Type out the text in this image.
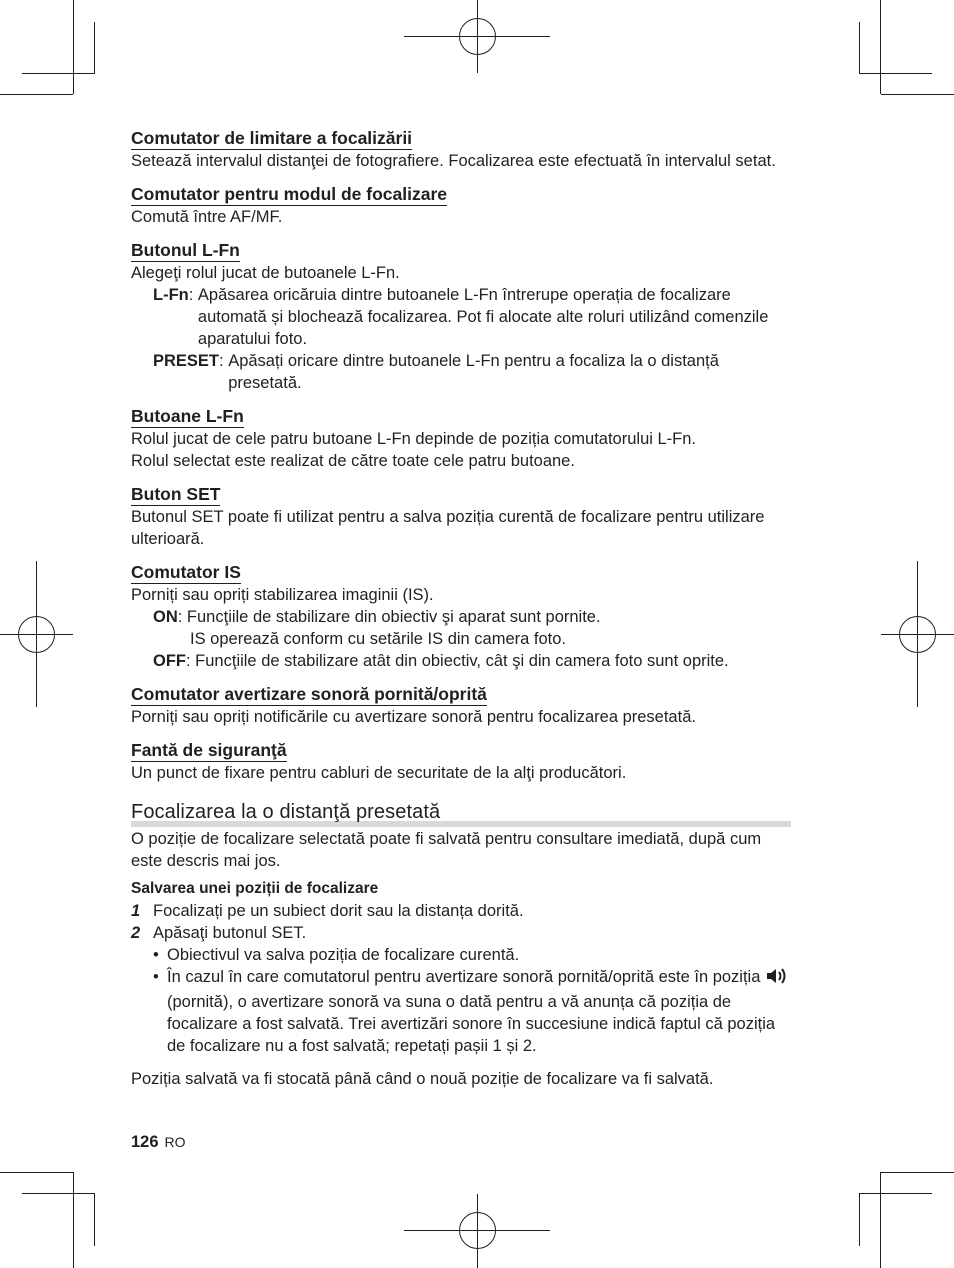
Comutator de limitare a focalizării

Setează intervalul distanţei de fotografiere. Focalizarea este efectuată în intervalul setat.

Comutator pentru modul de focalizare

Comută între AF/MF.

Butonul L-Fn

Alegeţi rolul jucat de butoanele L-Fn.

L-Fn : Apăsarea oricăruia dintre butoanele L-Fn întrerupe operația de focalizare automată și blochează focalizarea. Pot fi alocate alte roluri utilizând comenzile aparatului foto.
PRESET : Apăsați oricare dintre butoanele L-Fn pentru a focaliza la o distanță presetată.
Butoane L-Fn

Rolul jucat de cele patru butoane L-Fn depinde de poziția comutatorului L-Fn.

Rolul selectat este realizat de către toate cele patru butoane.

Buton SET

Butonul SET poate fi utilizat pentru a salva poziția curentă de focalizare pentru utilizare ulterioară.

Comutator IS

Porniți sau opriți stabilizarea imaginii (IS).

ON : Funcţiile de stabilizare din obiectiv şi aparat sunt pornite.
IS operează conform cu setările IS din camera foto.
OFF : Funcţiile de stabilizare atât din obiectiv, cât şi din camera foto sunt oprite.
Comutator avertizare sonoră pornită/oprită

Porniți sau opriți notificările cu avertizare sonoră pentru focalizarea presetată.

Fantă de siguranţă

Un punct de fixare pentru cabluri de securitate de la alţi producători.

Focalizarea la o distanţă presetată

O poziție de focalizare selectată poate fi salvată pentru consultare imediată, după cum este descris mai jos.

Salvarea unei poziții de focalizare
1 Focalizați pe un subiect dorit sau la distanța dorită.
2 Apăsaţi butonul SET.
• Obiectivul va salva poziția de focalizare curentă.
• În cazul în care comutatorul pentru avertizare sonoră pornită/oprită este în poziția  (pornită), o avertizare sonoră va suna o dată pentru a vă anunța că poziția de focalizare a fost salvată. Trei avertizări sonore în succesiune indică faptul că poziția de focalizare nu a fost salvată; repetați pașii 1 și 2.

Poziția salvată va fi stocată până când o nouă poziție de focalizare va fi salvată.

126 RO
